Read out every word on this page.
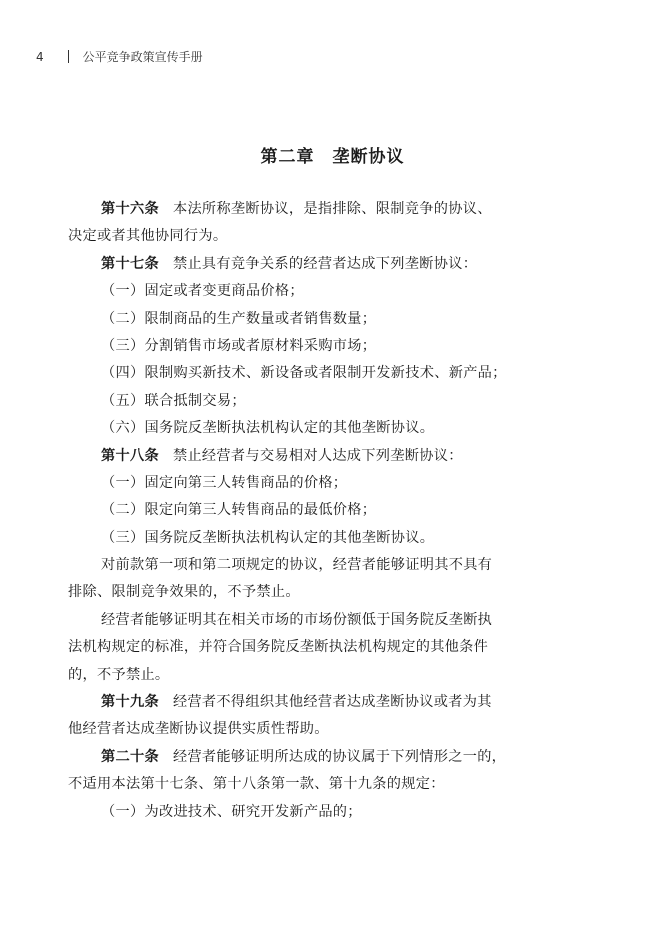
4	公平竞争政策宣传手册
第二章　垄断协议
第十六条 本法所称垄断协议，是指排除、限制竞争的协议、
决定或者其他协同行为。
第十七条 禁止具有竞争关系的经营者达成下列垄断协议：
（一）固定或者变更商品价格；
（二）限制商品的生产数量或者销售数量；
（三）分割销售市场或者原材料采购市场；
（四）限制购买新技术、新设备或者限制开发新技术、新产品；
（五）联合抵制交易；
（六）国务院反垄断执法机构认定的其他垄断协议。
第十八条 禁止经营者与交易相对人达成下列垄断协议：
（一）固定向第三人转售商品的价格；
（二）限定向第三人转售商品的最低价格；
（三）国务院反垄断执法机构认定的其他垄断协议。
对前款第一项和第二项规定的协议，经营者能够证明其不具有
排除、限制竞争效果的，不予禁止。
经营者能够证明其在相关市场的市场份额低于国务院反垄断执
法机构规定的标准，并符合国务院反垄断执法机构规定的其他条件
的，不予禁止。
第十九条 经营者不得组织其他经营者达成垄断协议或者为其
他经营者达成垄断协议提供实质性帮助。
第二十条 经营者能够证明所达成的协议属于下列情形之一的，
不适用本法第十七条、第十八条第一款、第十九条的规定：
（一）为改进技术、研究开发新产品的；
